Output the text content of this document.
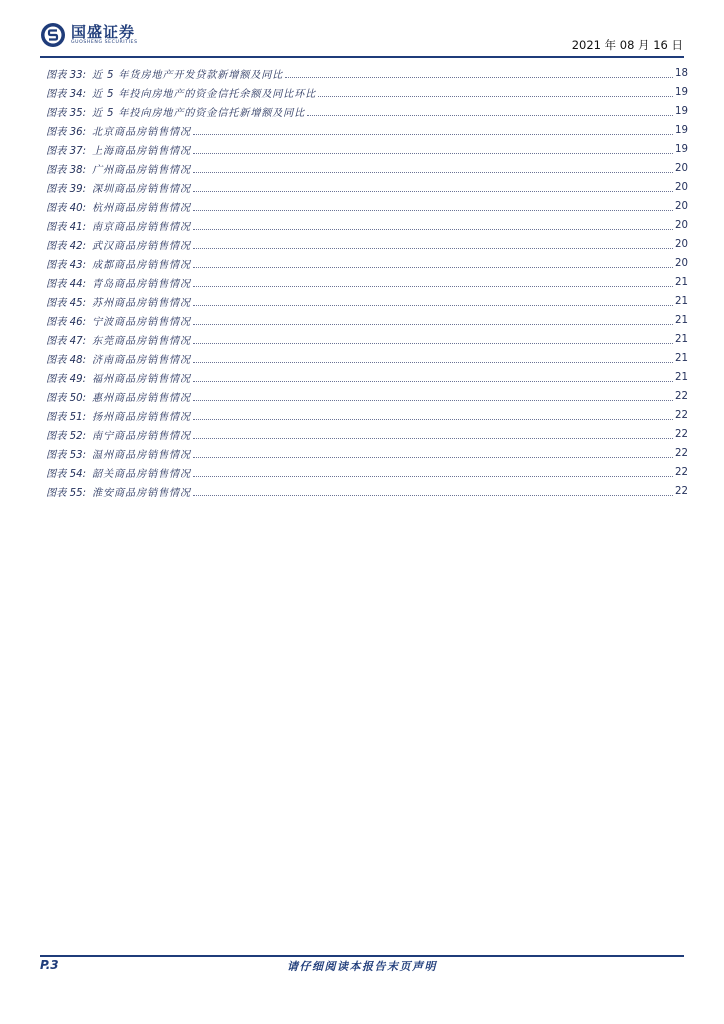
国盛证券
GUOSHENG SECURITIES	2021 年 08 月 16 日
图表 33: 近 5 年货房地产开发贷款新增额及同比	18
图表 34: 近 5 年投向房地产的资金信托余额及同比环比	19
图表 35: 近 5 年投向房地产的资金信托新增额及同比	19
图表 36: 北京商品房销售情况	19
图表 37: 上海商品房销售情况	19
图表 38: 广州商品房销售情况	20
图表 39: 深圳商品房销售情况	20
图表 40: 杭州商品房销售情况	20
图表 41: 南京商品房销售情况	20
图表 42: 武汉商品房销售情况	20
图表 43: 成都商品房销售情况	20
图表 44: 青岛商品房销售情况	21
图表 45: 苏州商品房销售情况	21
图表 46: 宁波商品房销售情况	21
图表 47: 东莞商品房销售情况	21
图表 48: 济南商品房销售情况	21
图表 49: 福州商品房销售情况	21
图表 50: 惠州商品房销售情况	22
图表 51: 扬州商品房销售情况	22
图表 52: 南宁商品房销售情况	22
图表 53: 温州商品房销售情况	22
图表 54: 韶关商品房销售情况	22
图表 55: 淮安商品房销售情况	22
P.3	请仔细阅读本报告末页声明
